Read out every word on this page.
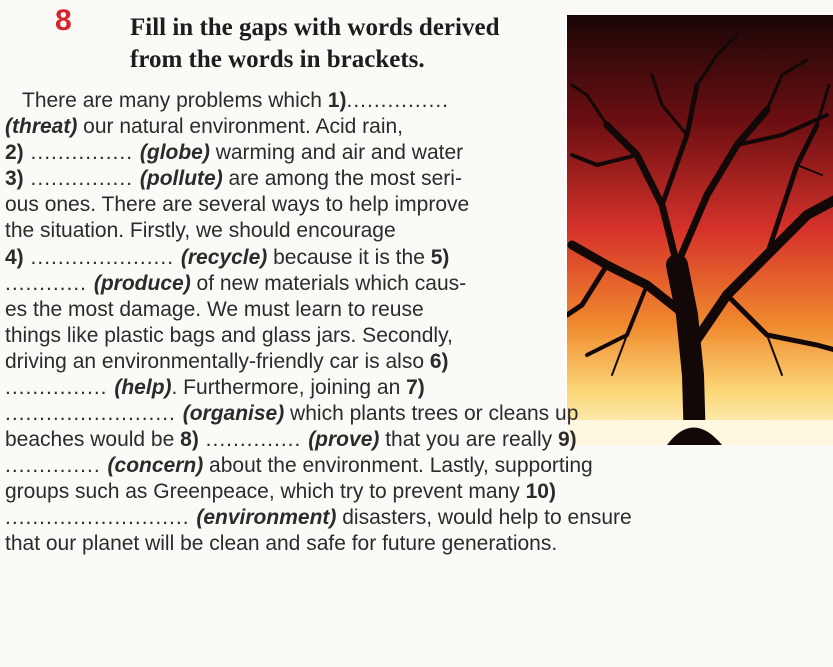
8 Fill in the gaps with words derived
from the words in brackets.
There are many problems which 1)...............
(threat) our natural environment. Acid rain,
2) ............... (globe) warming and air and water
3) ............... (pollute) are among the most seri-
ous ones. There are several ways to help improve
the situation. Firstly, we should encourage
4) ..................... (recycle) because it is the 5)
............ (produce) of new materials which caus-
es the most damage. We must learn to reuse
things like plastic bags and glass jars. Secondly,
driving an environmentally-friendly car is also 6)
............... (help). Furthermore, joining an 7)
......................... (organise) which plants trees or cleans up
beaches would be 8) .............. (prove) that you are really 9)
.............. (concern) about the environment. Lastly, supporting
groups such as Greenpeace, which try to prevent many 10)
........................... (environment) disasters, would help to ensure
that our planet will be clean and safe for future generations.
